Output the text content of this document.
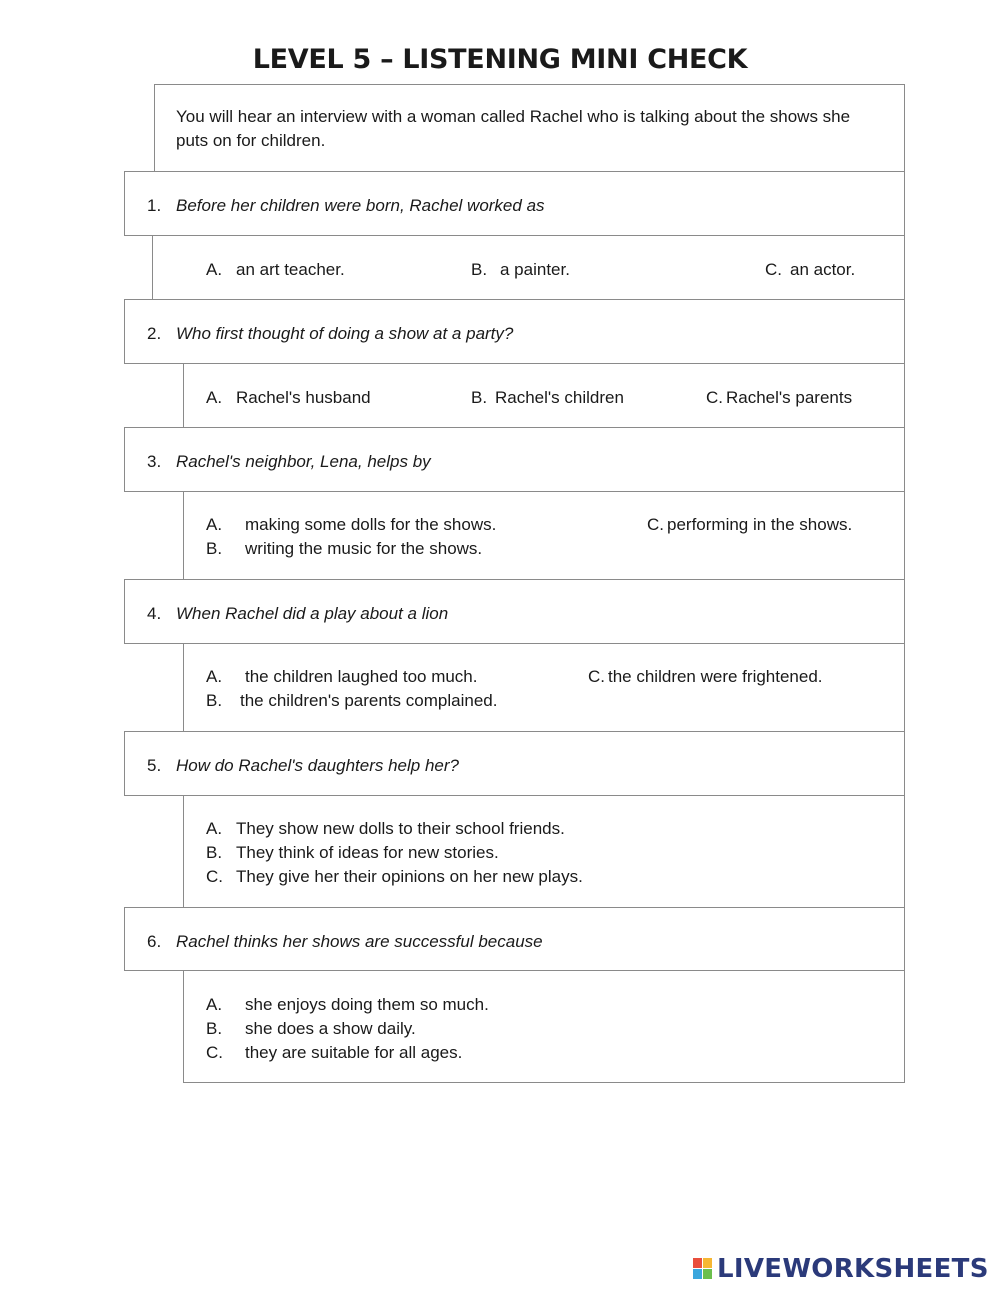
LEVEL 5 – LISTENING MINI CHECK
You will hear an interview with a woman called Rachel who is talking about the shows she puts on for children.
1. Before her children were born, Rachel worked as
A. an art teacher.	B. a painter.	C. an actor.
2. Who first thought of doing a show at a party?
A. Rachel's husband	B. Rachel's children	C. Rachel's parents
3. Rachel's neighbor, Lena, helps by
A. making some dolls for the shows.
B. writing the music for the shows.
C. performing in the shows.
4. When Rachel did a play about a lion
A. the children laughed too much.
B. the children's parents complained.
C. the children were frightened.
5. How do Rachel's daughters help her?
A. They show new dolls to their school friends.
B. They think of ideas for new stories.
C. They give her their opinions on her new plays.
6. Rachel thinks her shows are successful because
A. she enjoys doing them so much.
B. she does a show daily.
C. they are suitable for all ages.
LIVEWORKSHEETS
